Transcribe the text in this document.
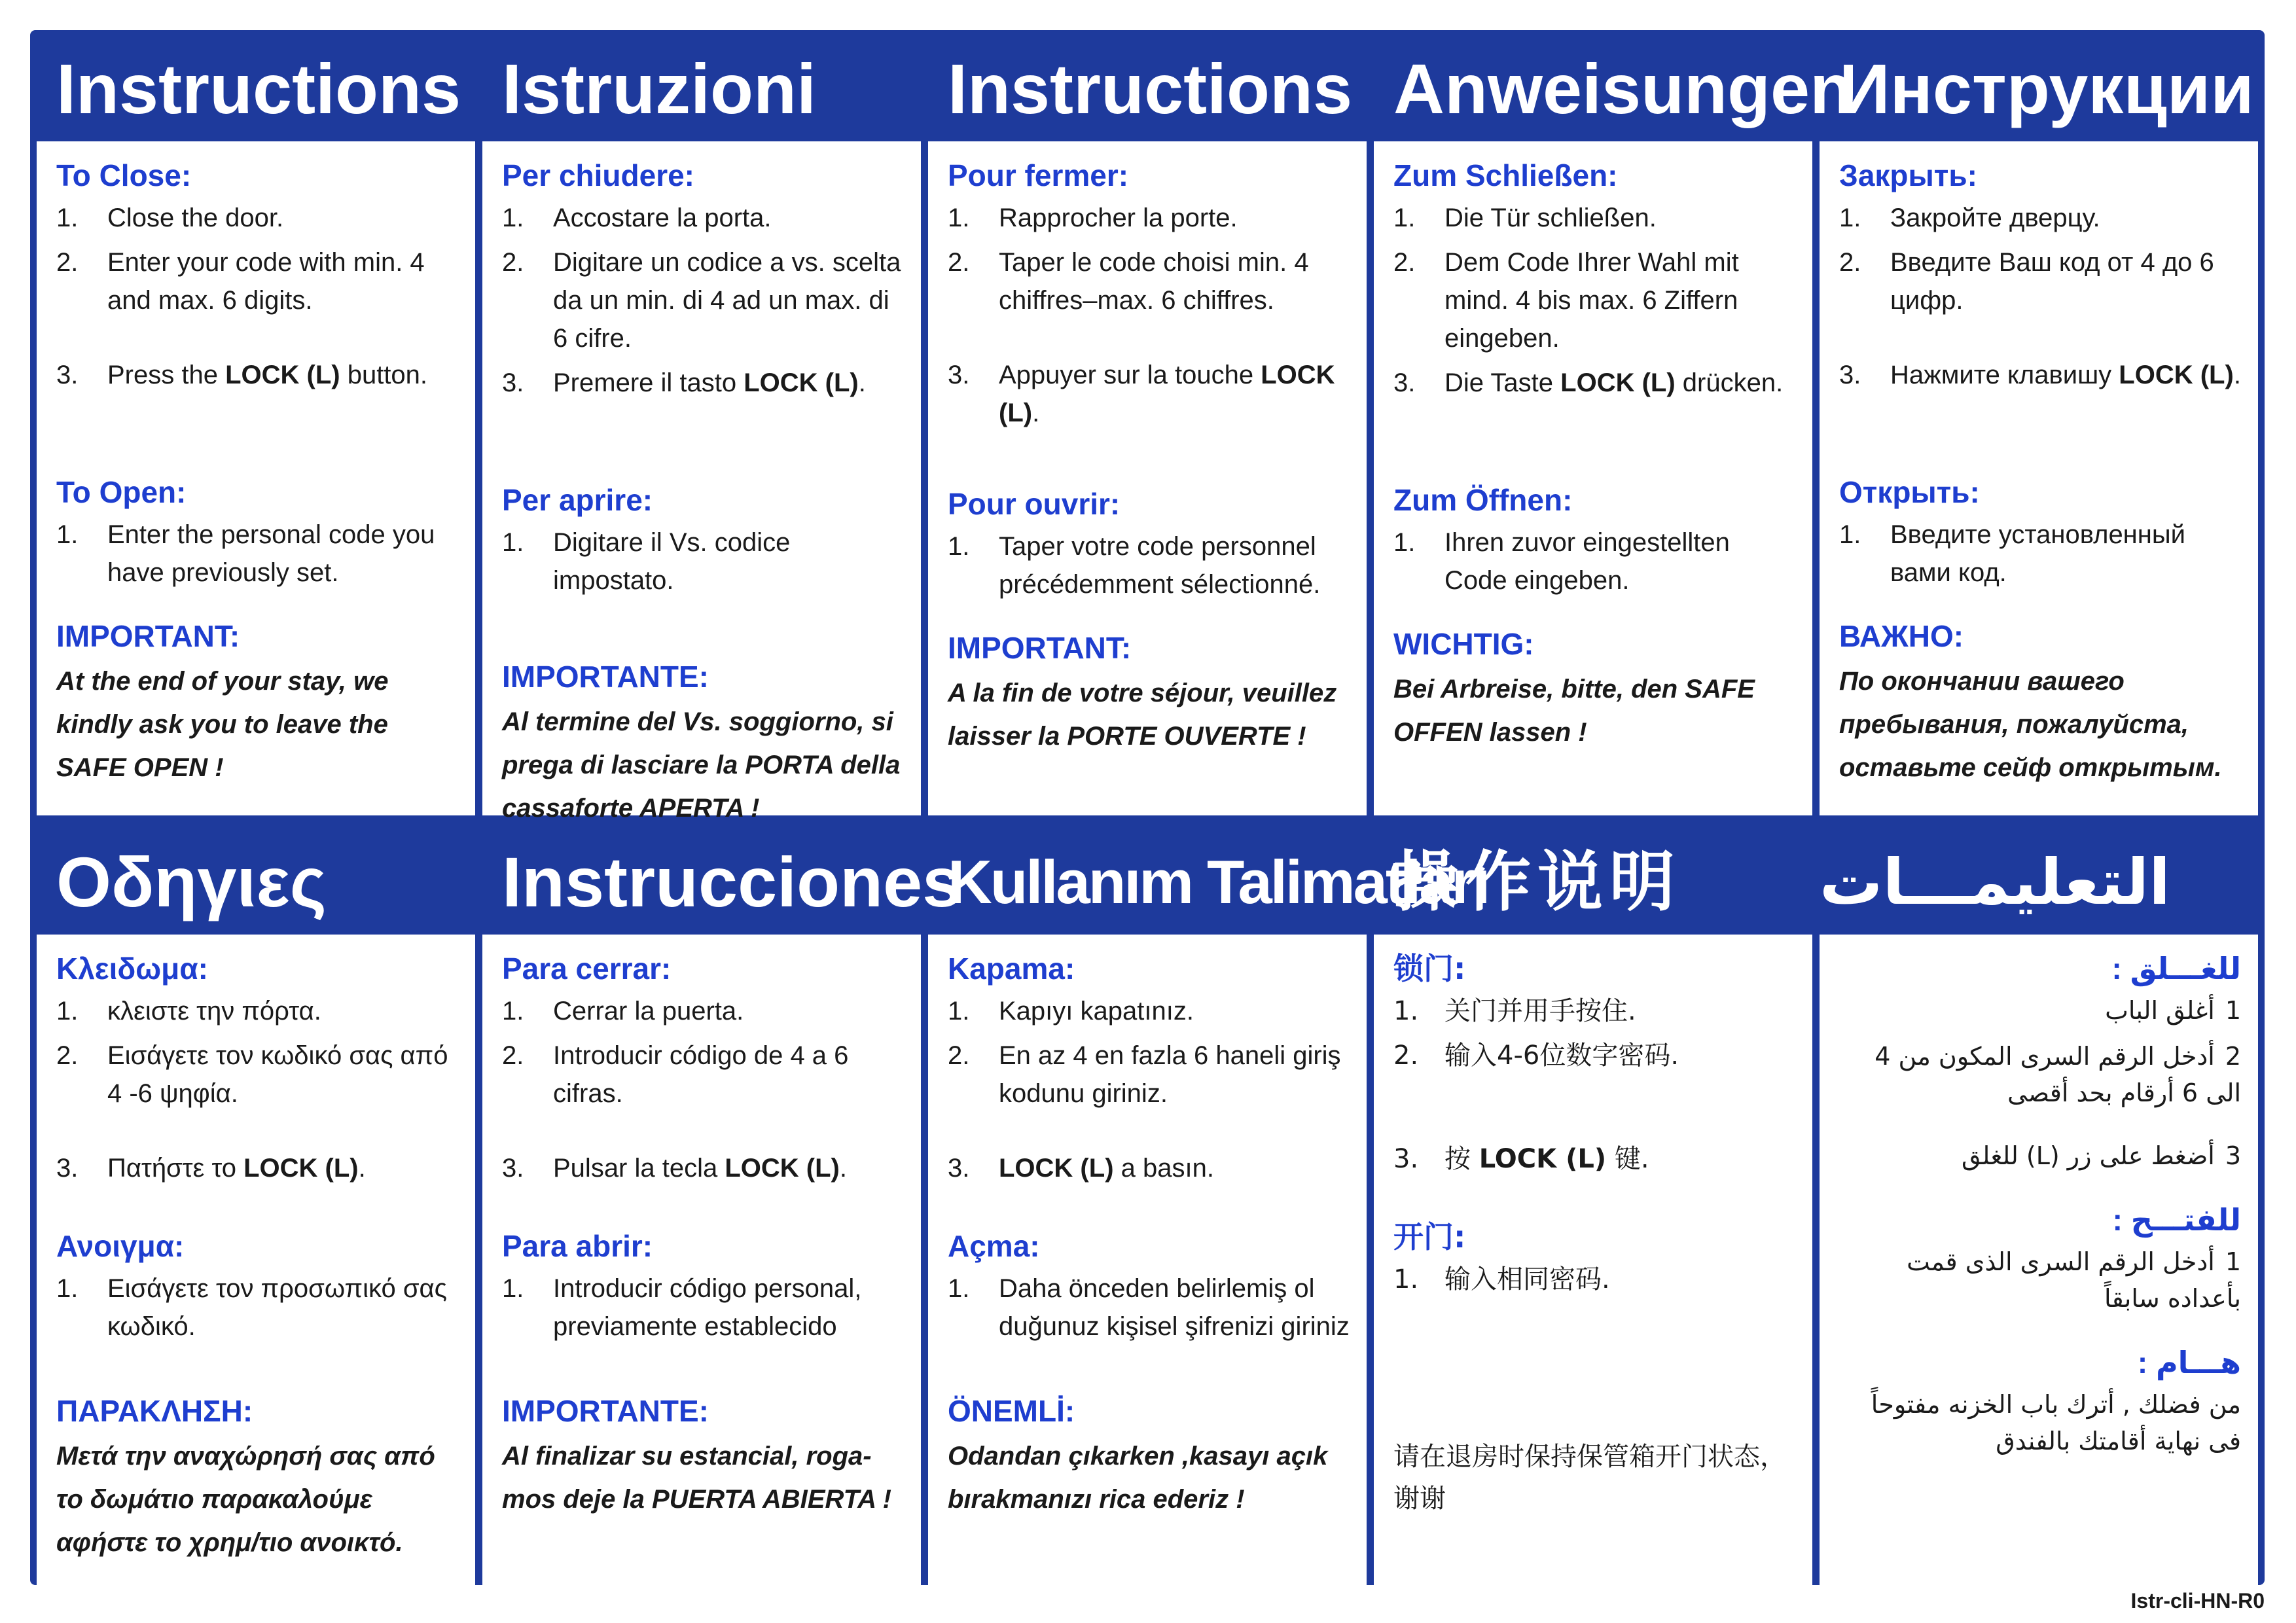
Instructions
To Close:
1. Close the door.
2. Enter your code with min. 4 and max. 6 digits.
3. Press the LOCK (L) button.
To Open:
1. Enter the personal code you have previously set.
IMPORTANT:
At the end of your stay, we kindly ask you to leave the SAFE OPEN !
Istruzioni
Per chiudere:
1. Accostare la porta.
2. Digitare un codice a vs. scelta da un min. di 4 ad un max. di 6 cifre.
3. Premere il tasto LOCK (L).
Per aprire:
1. Digitare il Vs. codice impostato.
IMPORTANTE:
Al termine del Vs. soggiorno, si prega di lasciare la PORTA della cassaforte APERTA !
Instructions
Pour fermer:
1. Rapprocher la porte.
2. Taper le code choisi min. 4 chiffres–max. 6 chiffres.
3. Appuyer sur la touche LOCK (L).
Pour ouvrir:
1. Taper votre code personnel précédemment sélectionné.
IMPORTANT:
A la fin de votre séjour, veuillez laisser la PORTE OUVERTE !
Anweisungen
Zum Schließen:
1. Die Tür schließen.
2. Dem Code Ihrer Wahl mit mind. 4 bis max. 6 Ziffern eingeben.
3. Die Taste LOCK (L) drücken.
Zum Öffnen:
1. Ihren zuvor eingestellten Code eingeben.
WICHTIG:
Bei Arbreise, bitte, den SAFE OFFEN lassen !
Инструкции
Закрыть:
1. Закройте дверцу.
2. Введите Ваш код от 4 до 6 цифр.
3. Нажмите клавишу LOCK (L).
Открыть:
1. Введите установленный вами код.
ВАЖНО:
По окончании вашего пребывания, пожалуйста, оставьте сейф открытым.
Οδηγιες
Κλειδωμα:
1. κλειστε την πόρτα.
2. Εισάγετε τον κωδικό σας από 4 -6 ψηφία.
3. Πατήστε το LOCK (L).
Ανοιγμα:
1. Εισάγετε τον προσωπικό σας κωδικό.
ΠΑΡΑΚΛΗΣΗ:
Μετά την αναχώρησή σας από το δωμάτιο παρακαλούμε αφήστε το χρημ/τιο ανοικτό.
Instrucciones
Para cerrar:
1. Cerrar la puerta.
2. Introducir código de 4 a 6 cifras.
3. Pulsar la tecla LOCK (L).
Para abrir:
1. Introducir código personal, previamente establecido
IMPORTANTE:
Al finalizar su estancial, roga-mos deje la PUERTA ABIERTA !
Kullanım Talimatları
Kapama:
1. Kapıyı kapatınız.
2. En az 4 en fazla 6 haneli giriş kodunu giriniz.
3. LOCK (L) a basın.
Açma:
1. Daha önceden belirlemiş ol duğunuz kişisel şifrenizi giriniz
ÖNEMLİ:
Odandan çıkarken ,kasayı açık bırakmanızı rica ederiz !
操作说明
锁门:
1. 关门并用手按住.
2. 输入4-6位数字密码.
3. 按 LOCK (L) 键.
开门:
1. 输入相同密码.
请在退房时保持保管箱开门状态，谢谢
التعليمـــات
للغـــلق :
1أغلق الباب
2أدخل الرقم السرى المكون من 4 الى 6 أرقام بحد أقصى
3أضغط على زر (L) للغلق
للفتـــح :
1أدخل الرقم السرى الذى قمت بأعداده سابقاً
هـــام :
من فضلك , أترك باب الخزنه مفتوحاً فى نهاية أقامتك بالفندق
Istr-cli-HN-R0
